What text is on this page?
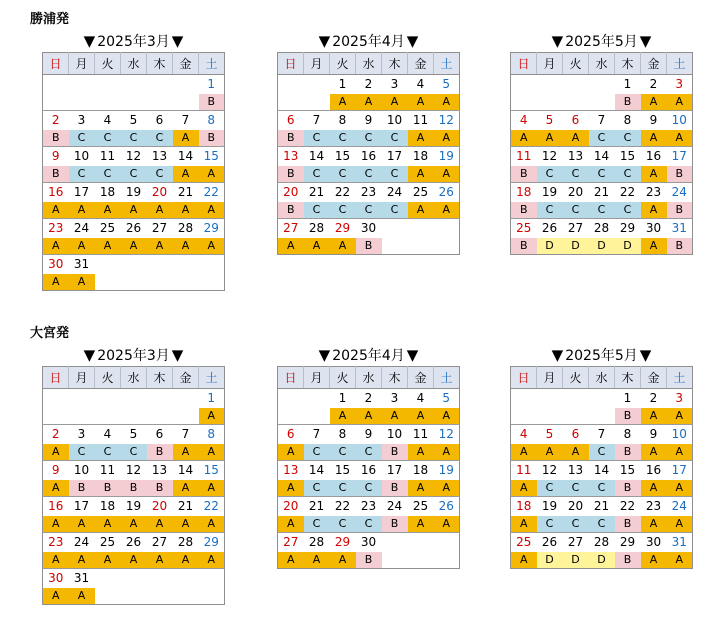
勝浦発
▼ 2025年3月 ▼
日	月	火	水	木	金	土
						1
						B
2	3	4	5	6	7	8
B	C	C	C	C	A	B
9	10	11	12	13	14	15
B	C	C	C	C	A	A
16	17	18	19	20	21	22
A	A	A	A	A	A	A
23	24	25	26	27	28	29
A	A	A	A	A	A	A
30	31					
A	A					
▼ 2025年4月 ▼
日	月	火	水	木	金	土
		1	2	3	4	5
		A	A	A	A	A
6	7	8	9	10	11	12
B	C	C	C	C	A	A
13	14	15	16	17	18	19
B	C	C	C	C	A	A
20	21	22	23	24	25	26
B	C	C	C	C	A	A
27	28	29	30			
A	A	A	B			
▼ 2025年5月 ▼
日	月	火	水	木	金	土
				1	2	3
				B	A	A
4	5	6	7	8	9	10
A	A	A	C	C	A	A
11	12	13	14	15	16	17
B	C	C	C	C	A	B
18	19	20	21	22	23	24
B	C	C	C	C	A	B
25	26	27	28	29	30	31
B	D	D	D	D	A	B
大宮発
▼ 2025年3月 ▼
日	月	火	水	木	金	土
						1
						A
2	3	4	5	6	7	8
A	C	C	C	B	A	A
9	10	11	12	13	14	15
A	B	B	B	B	A	A
16	17	18	19	20	21	22
A	A	A	A	A	A	A
23	24	25	26	27	28	29
A	A	A	A	A	A	A
30	31					
A	A					
▼ 2025年4月 ▼
日	月	火	水	木	金	土
		1	2	3	4	5
		A	A	A	A	A
6	7	8	9	10	11	12
A	C	C	C	B	A	A
13	14	15	16	17	18	19
A	C	C	C	B	A	A
20	21	22	23	24	25	26
A	C	C	C	B	A	A
27	28	29	30			
A	A	A	B			
▼ 2025年5月 ▼
日	月	火	水	木	金	土
				1	2	3
				B	A	A
4	5	6	7	8	9	10
A	A	A	C	B	A	A
11	12	13	14	15	16	17
A	C	C	C	B	A	A
18	19	20	21	22	23	24
A	C	C	C	B	A	A
25	26	27	28	29	30	31
A	D	D	D	B	A	A
